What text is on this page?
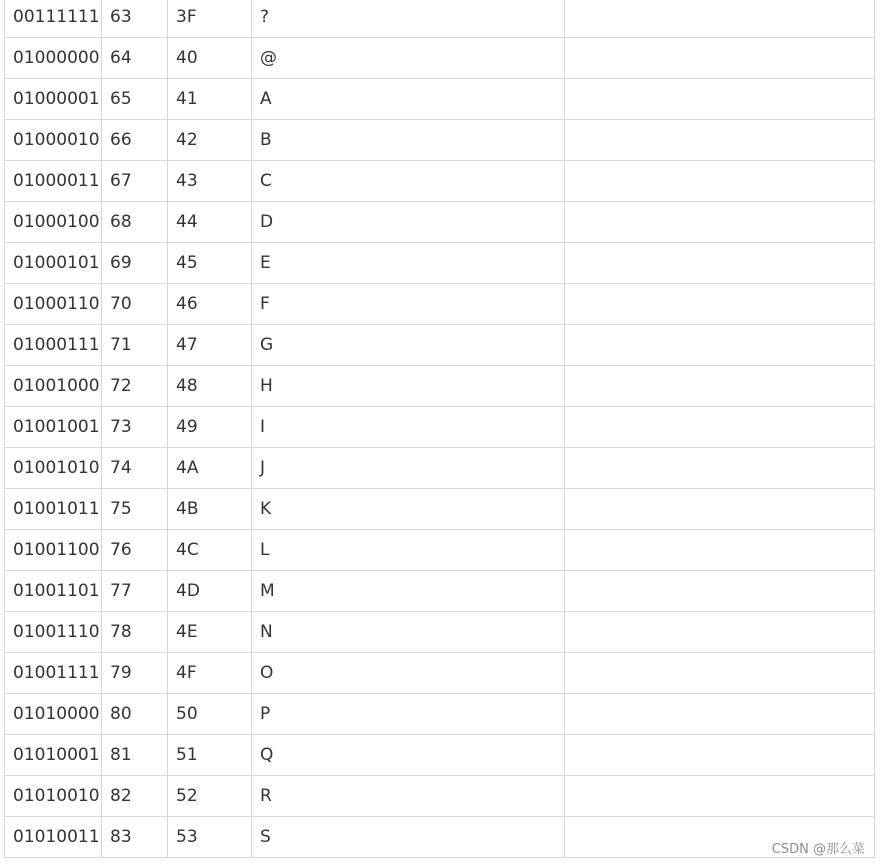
00111111	63	3F	?	
01000000	64	40	@	
01000001	65	41	A	
01000010	66	42	B	
01000011	67	43	C	
01000100	68	44	D	
01000101	69	45	E	
01000110	70	46	F	
01000111	71	47	G	
01001000	72	48	H	
01001001	73	49	I	
01001010	74	4A	J	
01001011	75	4B	K	
01001100	76	4C	L	
01001101	77	4D	M	
01001110	78	4E	N	
01001111	79	4F	O	
01010000	80	50	P	
01010001	81	51	Q	
01010010	82	52	R	
01010011	83	53	S	
CSDN @那么菜
